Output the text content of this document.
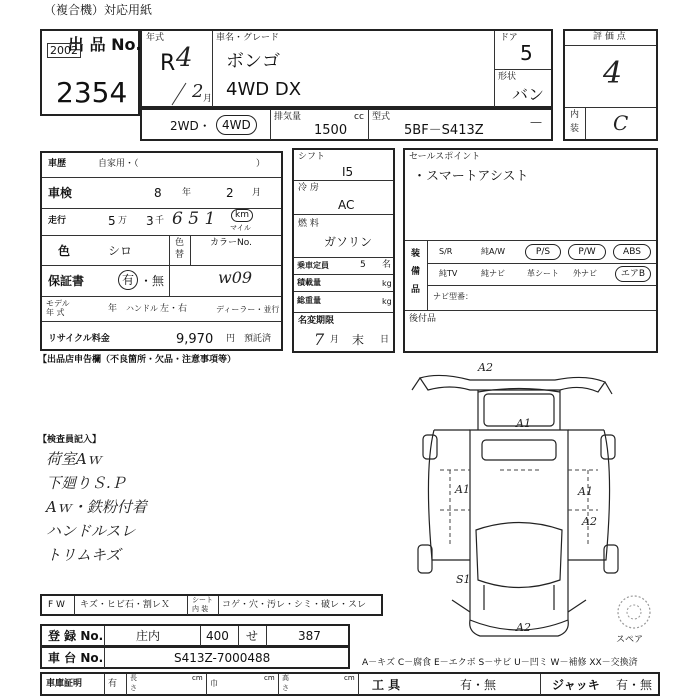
（複合機）対応用紙
出 品 No.
2002
2354
年式
R 4
2 月
車名・グレード
ボンゴ
4WD DX
ドア
5
形状
バン
2WD・ 4WD
排気量
1500
cc 型式
5BF－S413Z
—
評 価 点
4
内
装 C
車歴	自家用・（	）
車検	8 年	2 月
走行	5 万 3 千 6 5 1	km
マイル
色	シロ
色
替
カラーNo.
w09
保証書	有 ・ 無
モデル
年 式	年 ハンドル 左・右	ディーラー・並行
リサイクル料金	9,970 円 預託済
シフト
I5
冷 房
AC
燃 料
ガソリン
乗車定員	5 名
積載量	kg
総重量	kg
名変期限
7 月 末 日
セールスポイント
・スマートアシスト
装
備
品
S/R	純A/W	P/S	P/W	ABS
純TV	純ナビ	革シート 外ナビ	エアB
ナビ型番：
後付品
【出品店申告欄（不良箇所・欠品・注意事項等）
【検査員記入】
荷室Aｗ
下廻りＳ.Ｐ
Aｗ・鉄粉付着
ハンドルスレ
トリムキズ
A2
A1
A1	A1
A2
S1
A2
スペア
F W キズ・ヒビ石・割レＸ	シート
内 装 コゲ・穴・汚レ・シミ・破レ・スレ
登 録 No.	庄内	400 せ	387
車 台 No.	S413Z-7000488	A－キズ C－腐食 E－エクボ S－サビ U－凹ミ W－補修 XX－交換済
車庫証明	有
長
さ
cm
巾
cm 高
さ
cm 工 具	有・無	ジャッキ 有・無
